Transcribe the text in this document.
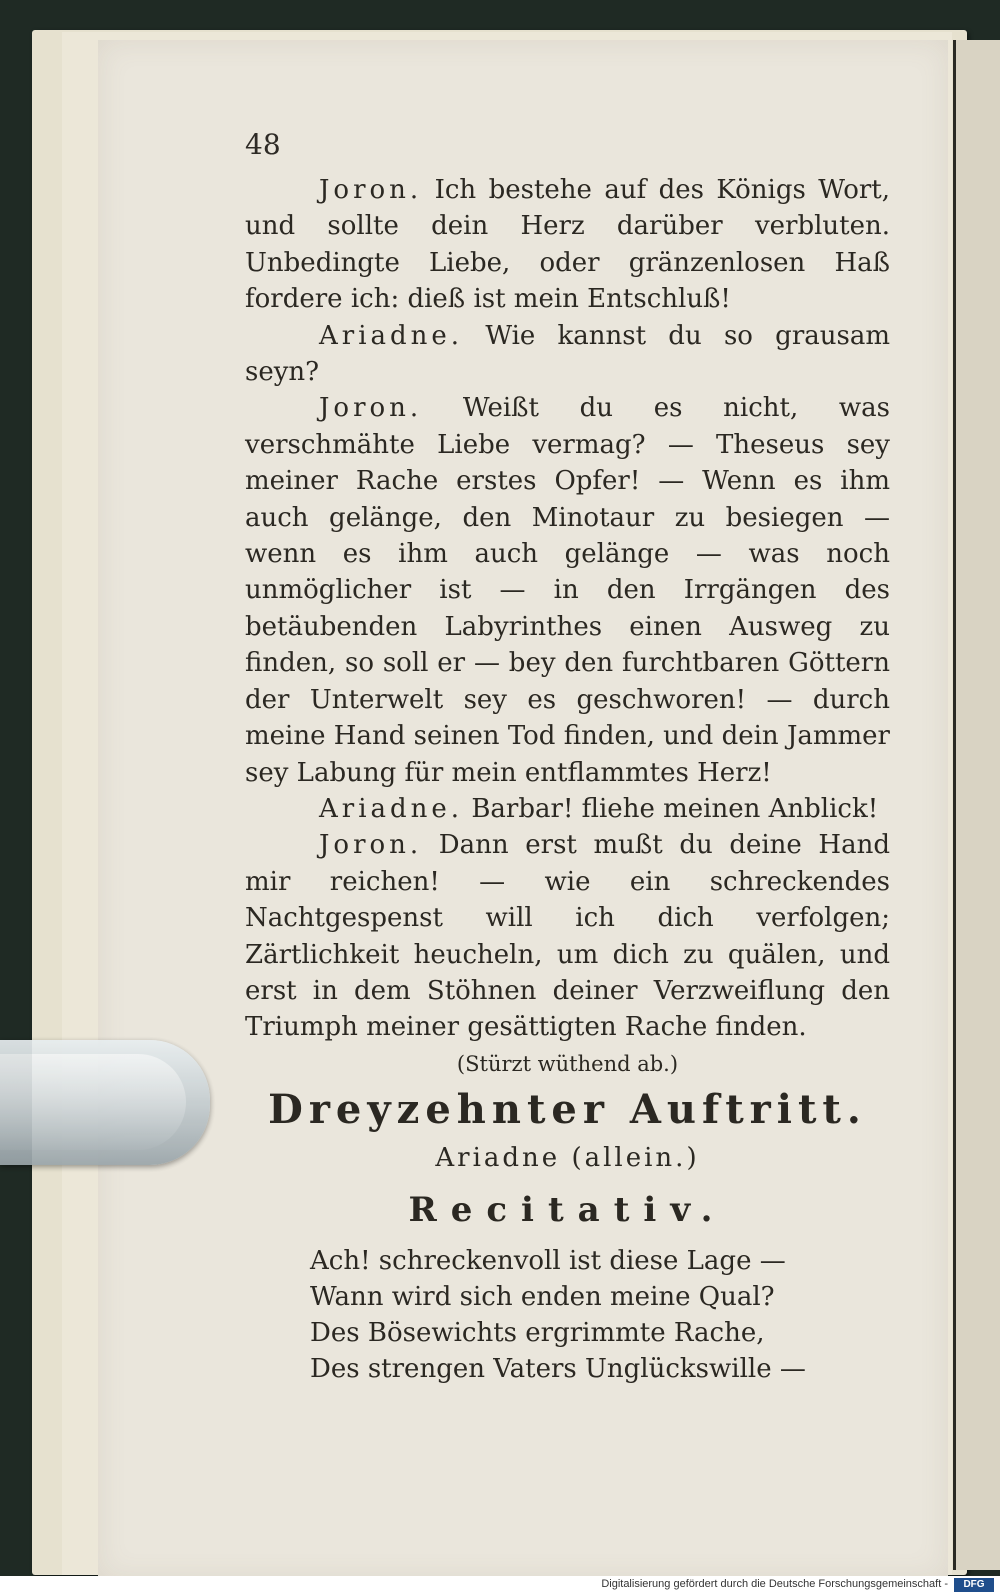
48

Joron. Ich bestehe auf des Königs Wort, und sollte dein Herz darüber verbluten. Unbedingte Liebe, oder gränzenlosen Haß fordere ich: dieß ist mein Entschluß!

Ariadne. Wie kannst du so grausam seyn?

Joron. Weißt du es nicht, was verschmähte Liebe vermag? — Theseus sey meiner Rache erstes Opfer! — Wenn es ihm auch gelänge, den Minotaur zu besiegen — wenn es ihm auch gelänge — was noch unmöglicher ist — in den Irrgängen des betäubenden Labyrinthes einen Ausweg zu finden, so soll er — bey den furchtbaren Göttern der Unterwelt sey es geschworen! — durch meine Hand seinen Tod finden, und dein Jammer sey Labung für mein entflammtes Herz!

Ariadne. Barbar! fliehe meinen Anblick!

Joron. Dann erst mußt du deine Hand mir reichen! — wie ein schreckendes Nachtgespenst will ich dich verfolgen; Zärtlichkeit heucheln, um dich zu quälen, und erst in dem Stöhnen deiner Verzweiflung den Triumph meiner gesättigten Rache finden.

(Stürzt wüthend ab.)

Dreyzehnter Auftritt.
Ariadne (allein.)
Recitativ.
Ach! schreckenvoll ist diese Lage —
Wann wird sich enden meine Qual?
Des Bösewichts ergrimmte Rache,
Des strengen Vaters Unglückswille —
Digitalisierung gefördert durch die Deutsche Forschungsgemeinschaft -	DFG
